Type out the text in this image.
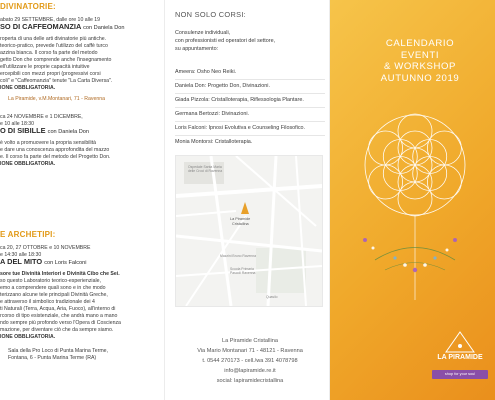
DIVINATORIE:
abato 29 SETTEMBRE, dalle ore 10 alle 19
SO DI CAFFEOMANZIA con Daniela Don
roperta di una delle arti divinatorie più antiche.
teorico-pratico, prevede l'utilizzo del caffè turco
azzina bianca. Il corso fa parte del metodo
getto Don che comprende anche l'insegnamento
ell'utilizzare le proprie capacità intuitive
ercepibili con mezzi propri (progressivi corsi
coli" e "Caffeomanzia" tenute "La Carta Diversa".
IONE OBBLIGATORIA.
La Piramide, v.M.Montanari, 71 - Ravenna
ca 24 NOVEMBRE e 1 DICEMBRE,
e 10 alle 18:30
O DI SIBILLE con Daniela Don
è volto a promuovere la propria sensibilità
e dare una conoscenza approfondita del mazzo
e. Il corso fa parte del metodo del Progetto Don.
IONE OBBLIGATORIA.
E ARCHETIPI:
ca 20, 27 OTTOBRE e 10 NOVEMBRE
e 14:30 alle 18:30
A DEL MITO con Loris Falconi
sore tue Divinità Interiori e Divinità Cibo che Sei.
so questo Laboratorio teorico-esperienziale,
emo a comprendere quali sono e in che modo
terizzano alcune tele principali Divinità Greche,
e attraverso il simbolico tradizionale dei 4
ti Naturali (Terra, Acqua, Aria, Fuoco), all'interno di
rcorso di tipo esistenziale, che andrà mano a mano
ndo sempre più profondo verso l'Opera di Coscienza
mazione, per diventare ciò che da sempre siamo.
IONE OBBLIGATORIA.
Sala della Pro Loco di Punta Marina Terme,
Fontana, 6 - Punta Marina Terme (RA)
NON SOLO CORSI:
Consulenze individuali,
con professionisti ed operatori del settore,
su appuntamento:
Ameera: Osho Neo Reiki.
Daniela Don: Progetto Don, Divinazioni.
Giada Pizzola: Cristalloterapia, Riflessologia Plantare.
Germana Bertozzi: Divinazioni.
Loris Falconi: Ipnosi Evolutiva e Counseling Filosofico.
Monia Montorsi: Cristalloterapia.
Ospedale Santa Maria
delle Croci di Ravenna
La Piramide
Cristallina
Mazzini Bruno Ravenna
Scuola Primaria
Pascoli Ravenna
Quasilo
La Piramide Cristallina
Via Mario Montanari 71 - 48121 - Ravenna
t. 0544 270173 - cell./wa 391 4078798
info@lapiramide.re.it
social: lapiramidecristallina
CALENDARIO
EVENTI
& WORKSHOP
AUTUNNO 2019
LA PIRAMIDE
shop for your soul
